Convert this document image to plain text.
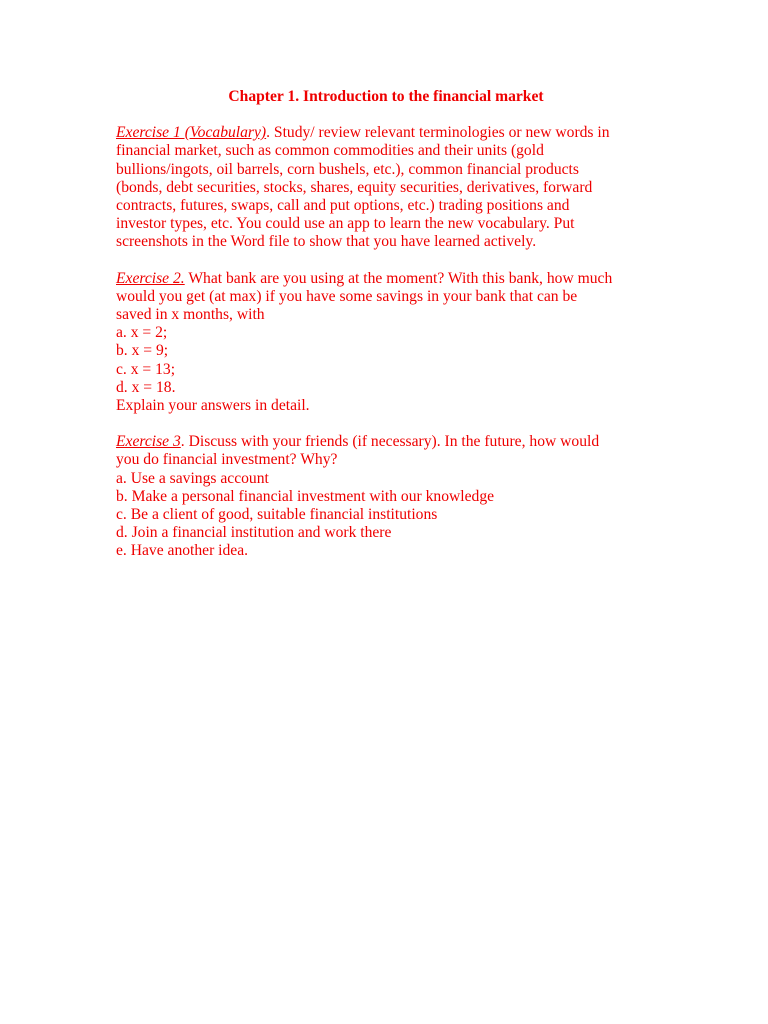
Chapter 1. Introduction to the financial market
Exercise 1 (Vocabulary). Study/ review relevant terminologies or new words in
financial market, such as common commodities and their units (gold
bullions/ingots, oil barrels, corn bushels, etc.), common financial products
(bonds, debt securities, stocks, shares, equity securities, derivatives, forward
contracts, futures, swaps, call and put options, etc.) trading positions and
investor types, etc. You could use an app to learn the new vocabulary. Put
screenshots in the Word file to show that you have learned actively.
Exercise 2. What bank are you using at the moment? With this bank, how much
would you get (at max) if you have some savings in your bank that can be
saved in x months, with
a. x = 2;
b. x = 9;
c. x = 13;
d. x = 18.
Explain your answers in detail.
Exercise 3. Discuss with your friends (if necessary). In the future, how would
you do financial investment? Why?
a. Use a savings account
b. Make a personal financial investment with our knowledge
c. Be a client of good, suitable financial institutions
d. Join a financial institution and work there
e. Have another idea.
